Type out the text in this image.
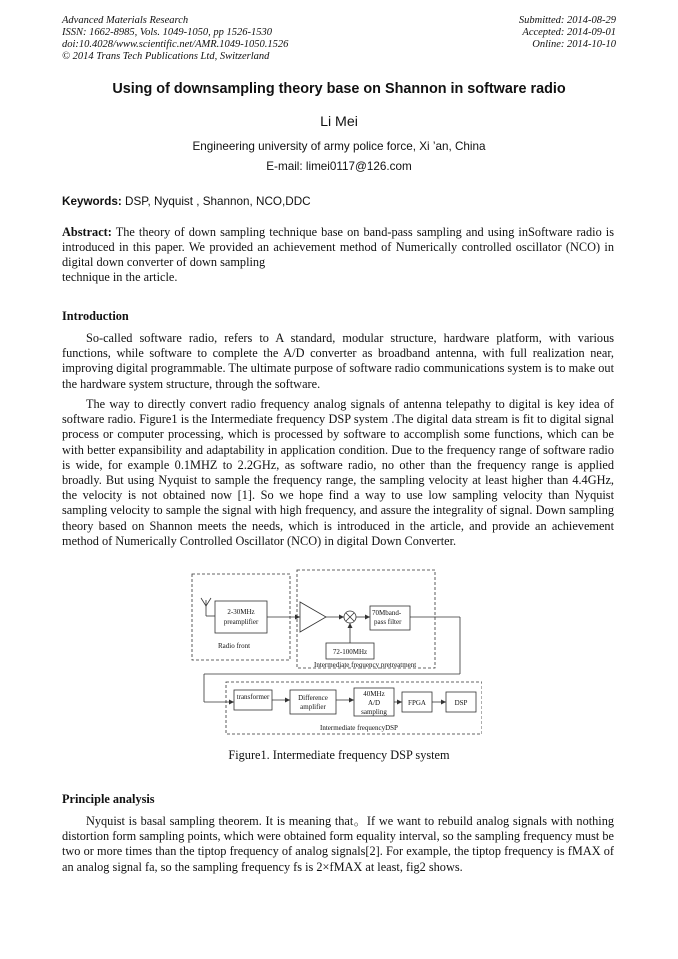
Advanced Materials Research
ISSN: 1662-8985, Vols. 1049-1050, pp 1526-1530
doi:10.4028/www.scientific.net/AMR.1049-1050.1526
© 2014 Trans Tech Publications Ltd, Switzerland
Submitted: 2014-08-29
Accepted: 2014-09-01
Online: 2014-10-10
Using of downsampling theory base on Shannon in software radio
Li Mei
Engineering university of army police force, Xi ’an, China
E-mail: limei0117@126.com
Keywords: DSP, Nyquist , Shannon, NCO,DDC

Abstract: The theory of down sampling technique base on band-pass sampling and using inSoftware radio is introduced in this paper. We provided an achievement method of Numerically controlled oscillator (NCO) in digital down converter of down sampling

technique in the article.

Introduction

So-called software radio, refers to A standard, modular structure, hardware platform, with various functions, while software to complete the A/D converter as broadband antenna, with full realization near, improving digital programmable. The ultimate purpose of software radio communications system is to make out the hardware system structure, through the software.

The way to directly convert radio frequency analog signals of antenna telepathy to digital is key idea of software radio. Figure1 is the Intermediate frequency DSP system .The digital data stream is fit to digital signal process or computer processing, which is processed by software to accomplish some functions, which can be with better expansibility and adaptability in application condition. Due to the frequency range of software radio is wide, for example 0.1MHZ to 2.2GHz, as software radio, no other than the frequency range is applied broadly. But using Nyquist to sample the frequency range, the sampling velocity at least higher than 4.4GHz, the velocity is not obtained now [1]. So we hope find a way to use low sampling velocity than Nyquist sampling velocity to sample the signal with high frequency, and assure the integrality of signal. Down sampling theory based on Shannon meets the needs, which is introduced in the article, and provide an achievement method of Numerically Controlled Oscillator (NCO) in digital Down Converter.

2-30MHz
preamplifier
Radio front
70Mband-
pass filter
72-100MHz
Intermediate frequency pretreatment
transformer	Difference
amplifier
40MHz
A/D
sampling
FPGA	DSP
Intermediate frequencyDSP
Figure1. Intermediate frequency DSP system

Principle analysis

Nyquist is basal sampling theorem. It is meaning that。If we want to rebuild analog signals with nothing distortion form sampling points, which were obtained form equality interval, so the sampling frequency must be two or more times than the tiptop frequency of analog signals[2]. For example, the tiptop frequency is fMAX of an analog signal fa, so the sampling frequency fs is 2×fMAX at least, fig2 shows.
